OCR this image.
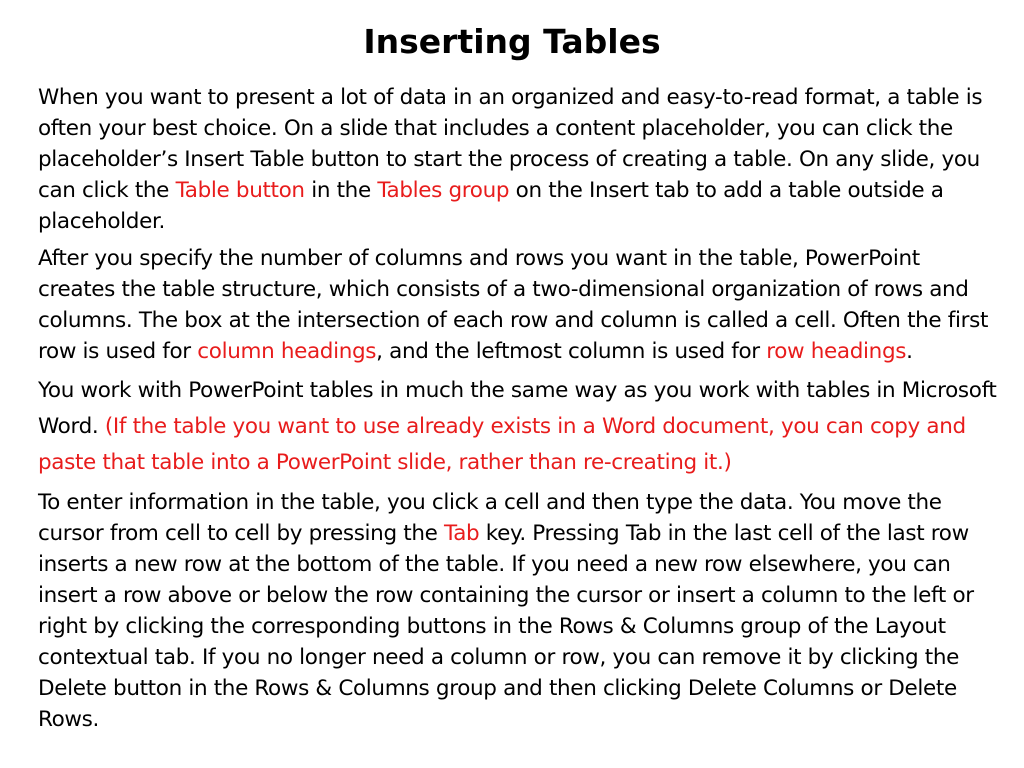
Inserting Tables

When you want to present a lot of data in an organized and easy-to-read format, a table is often your best choice. On a slide that includes a content placeholder, you can click the placeholder’s Insert Table button to start the process of creating a table. On any slide, you can click the Table button in the Tables group on the Insert tab to add a table outside a placeholder.

After you specify the number of columns and rows you want in the table, PowerPoint creates the table structure, which consists of a two-dimensional organization of rows and columns. The box at the intersection of each row and column is called a cell. Often the first row is used for column headings, and the leftmost column is used for row headings.

You work with PowerPoint tables in much the same way as you work with tables in Microsoft Word. (If the table you want to use already exists in a Word document, you can copy and paste that table into a PowerPoint slide, rather than re-creating it.)

To enter information in the table, you click a cell and then type the data. You move the cursor from cell to cell by pressing the Tab key. Pressing Tab in the last cell of the last row inserts a new row at the bottom of the table. If you need a new row elsewhere, you can insert a row above or below the row containing the cursor or insert a column to the left or right by clicking the corresponding buttons in the Rows & Columns group of the Layout contextual tab. If you no longer need a column or row, you can remove it by clicking the Delete button in the Rows & Columns group and then clicking Delete Columns or Delete Rows.
